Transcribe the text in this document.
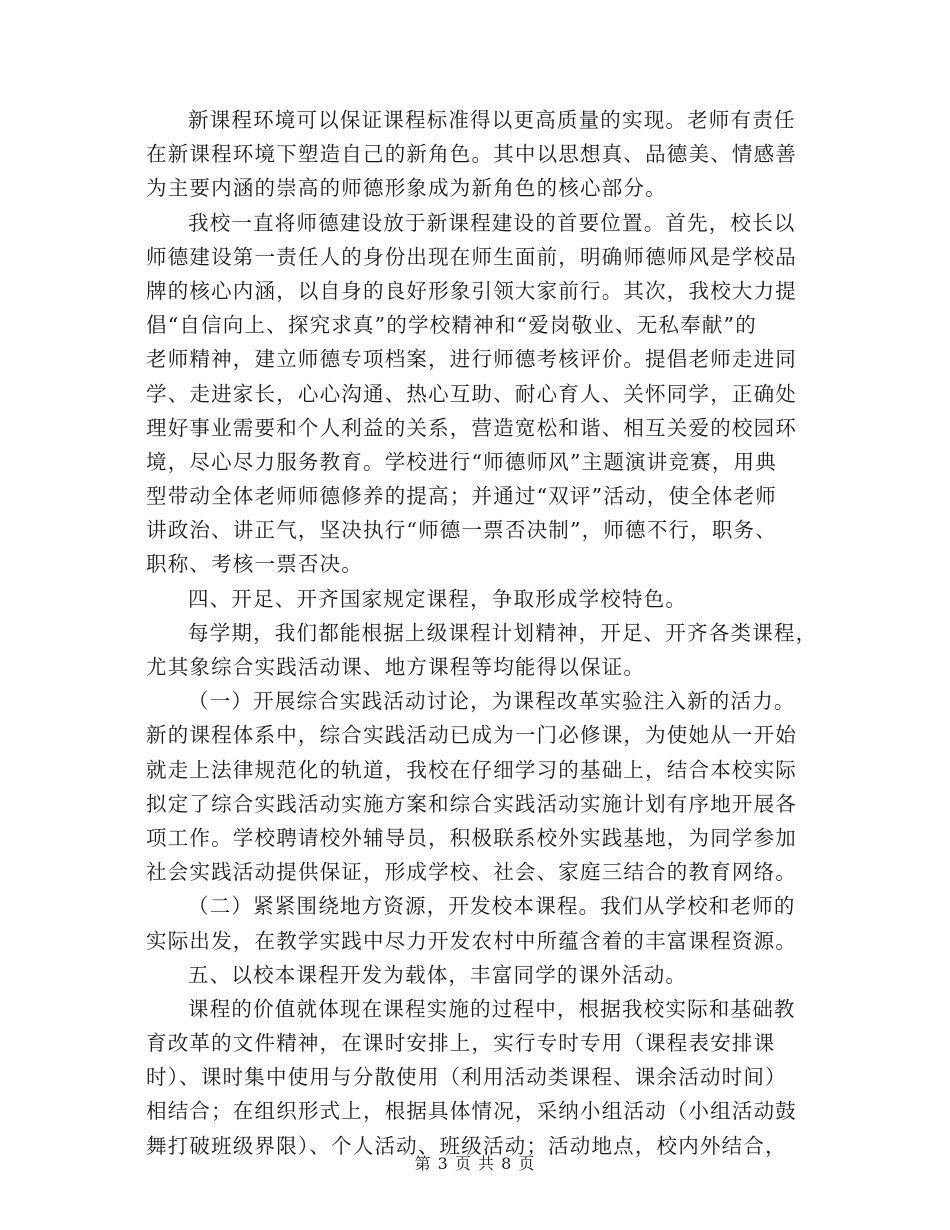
新课程环境可以保证课程标准得以更高质量的实现。老师有责任
在新课程环境下塑造自己的新角色。其中以思想真、品德美、情感善
为主要内涵的崇高的师德形象成为新角色的核心部分。
我校一直将师德建设放于新课程建设的首要位置。首先，校长以
师德建设第一责任人的身份出现在师生面前，明确师德师风是学校品
牌的核心内涵，以自身的良好形象引领大家前行。其次，我校大力提
倡“自信向上、探究求真”的学校精神和“爱岗敬业、无私奉献”的
老师精神，建立师德专项档案，进行师德考核评价。提倡老师走进同
学、走进家长，心心沟通、热心互助、耐心育人、关怀同学，正确处
理好事业需要和个人利益的关系，营造宽松和谐、相互关爱的校园环
境，尽心尽力服务教育。学校进行“师德师风”主题演讲竞赛，用典
型带动全体老师师德修养的提高；并通过“双评”活动，使全体老师
讲政治、讲正气，坚决执行“师德一票否决制”，师德不行，职务、
职称、考核一票否决。
四、开足、开齐国家规定课程，争取形成学校特色。
每学期，我们都能根据上级课程计划精神，开足、开齐各类课程，
尤其象综合实践活动课、地方课程等均能得以保证。
（一）开展综合实践活动讨论，为课程改革实验注入新的活力。
新的课程体系中，综合实践活动已成为一门必修课，为使她从一开始
就走上法律规范化的轨道，我校在仔细学习的基础上，结合本校实际
拟定了综合实践活动实施方案和综合实践活动实施计划有序地开展各
项工作。学校聘请校外辅导员，积极联系校外实践基地，为同学参加
社会实践活动提供保证，形成学校、社会、家庭三结合的教育网络。
（二）紧紧围绕地方资源，开发校本课程。我们从学校和老师的
实际出发，在教学实践中尽力开发农村中所蕴含着的丰富课程资源。
五、以校本课程开发为载体，丰富同学的课外活动。
课程的价值就体现在课程实施的过程中，根据我校实际和基础教
育改革的文件精神，在课时安排上，实行专时专用（课程表安排课
时）、课时集中使用与分散使用（利用活动类课程、课余活动时间）
相结合；在组织形式上，根据具体情况，采纳小组活动（小组活动鼓
舞打破班级界限）、个人活动、班级活动；活动地点，校内外结合，
第 3 页 共 8 页
